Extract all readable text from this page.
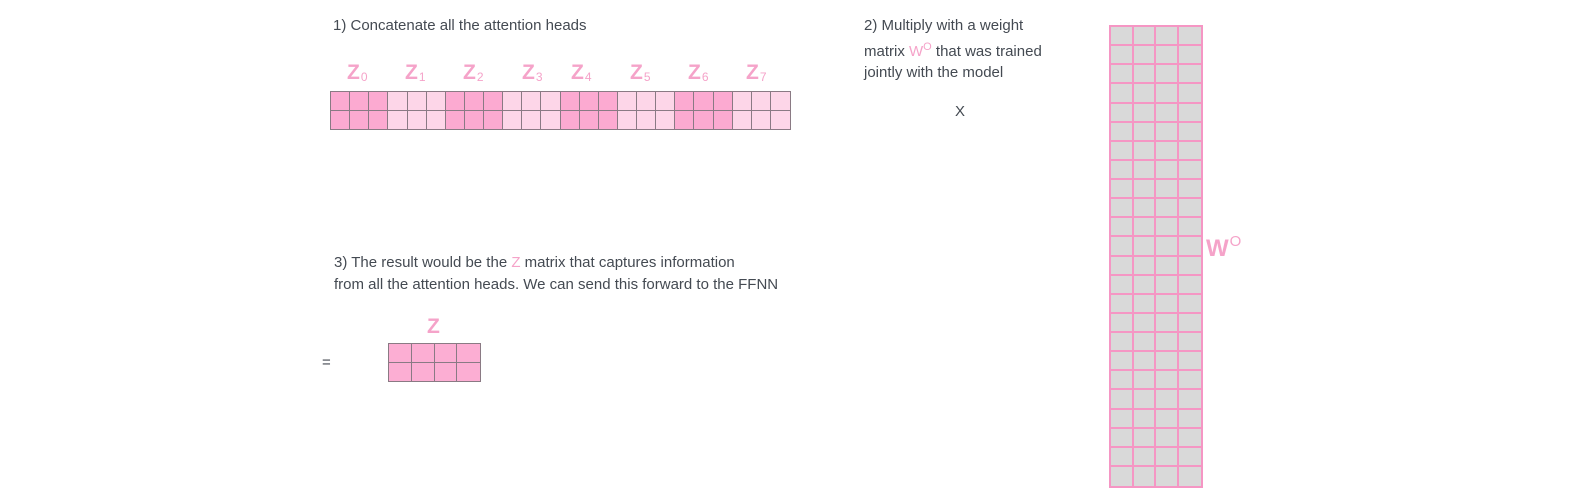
1) Concatenate all the attention heads
$Z_0$ $Z_1$ $Z_2$ $Z_3$ $Z_4$ $Z_5$ $Z_6$ $Z_7$
2) Multiply with a weight
matrix $W^O$ that was trained
jointly with the model
X
$W^O$
3) The result would be the Z matrix that captures information
from all the attention heads. We can send this forward to the FFNN
=
Z
